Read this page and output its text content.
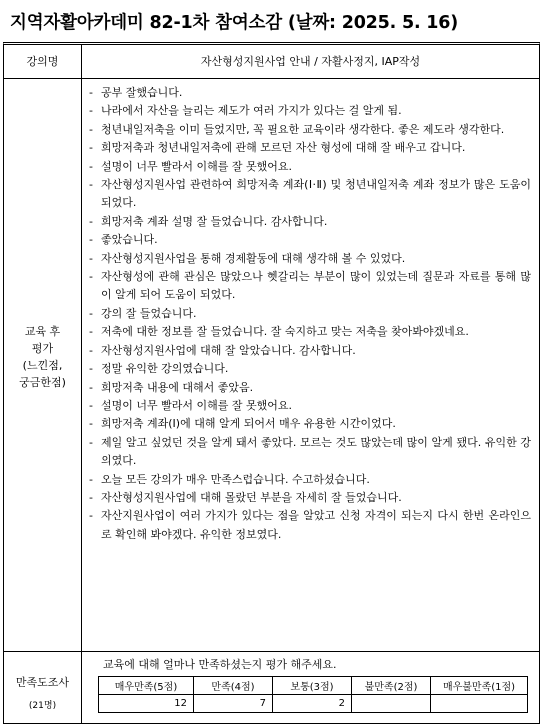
지역자활아카데미 82-1차 참여소감 (날짜: 2025. 5. 16)
강의명	자산형성지원사업 안내 / 자활사정지, IAP작성
교육 후
평가
(느낀점,
궁금한점)
- 공부 잘했습니다.
- 나라에서 자산을 늘리는 제도가 여러 가지가 있다는 걸 알게 됨.
- 청년내일저축을 이미 들었지만, 꼭 필요한 교육이라 생각한다. 좋은 제도라 생각한다.
- 희망저축과 청년내일저축에 관해 모르던 자산 형성에 대해 잘 배우고 갑니다.
- 설명이 너무 빨라서 이해를 잘 못했어요.
- 자산형성지원사업 관련하여 희망저축 계좌(Ⅰ·Ⅱ) 및 청년내일저축 계좌 정보가 많은 도움이 되었다.
- 희망저축 계좌 설명 잘 들었습니다. 감사합니다.
- 좋았습니다.
- 자산형성지원사업을 통해 경제활동에 대해 생각해 볼 수 있었다.
- 자산형성에 관해 관심은 많았으나 헷갈리는 부분이 많이 있었는데 질문과 자료를 통해 많이 알게 되어 도움이 되었다.
- 강의 잘 들었습니다.
- 저축에 대한 정보를 잘 들었습니다. 잘 숙지하고 맞는 저축을 찾아봐야겠네요.
- 자산형성지원사업에 대해 잘 알았습니다. 감사합니다.
- 정말 유익한 강의였습니다.
- 희망저축 내용에 대해서 좋았음.
- 설명이 너무 빨라서 이해를 잘 못했어요.
- 희망저축 계좌(I)에 대해 알게 되어서 매우 유용한 시간이었다.
- 제일 알고 싶었던 것을 알게 돼서 좋았다. 모르는 것도 많았는데 많이 알게 됐다. 유익한 강의였다.
- 오늘 모든 강의가 매우 만족스럽습니다. 수고하셨습니다.
- 자산형성지원사업에 대해 몰랐던 부분을 자세히 잘 들었습니다.
- 자산지원사업이 여러 가지가 있다는 점을 알았고 신청 자격이 되는지 다시 한번 온라인으로 확인해 봐야겠다. 유익한 정보였다.
만족도조사
(21명)
교육에 대해 얼마나 만족하셨는지 평가 해주세요.
매우만족(5점)	만족(4점)	보통(3점)	불만족(2점)	매우불만족(1점)
12	7	2		
